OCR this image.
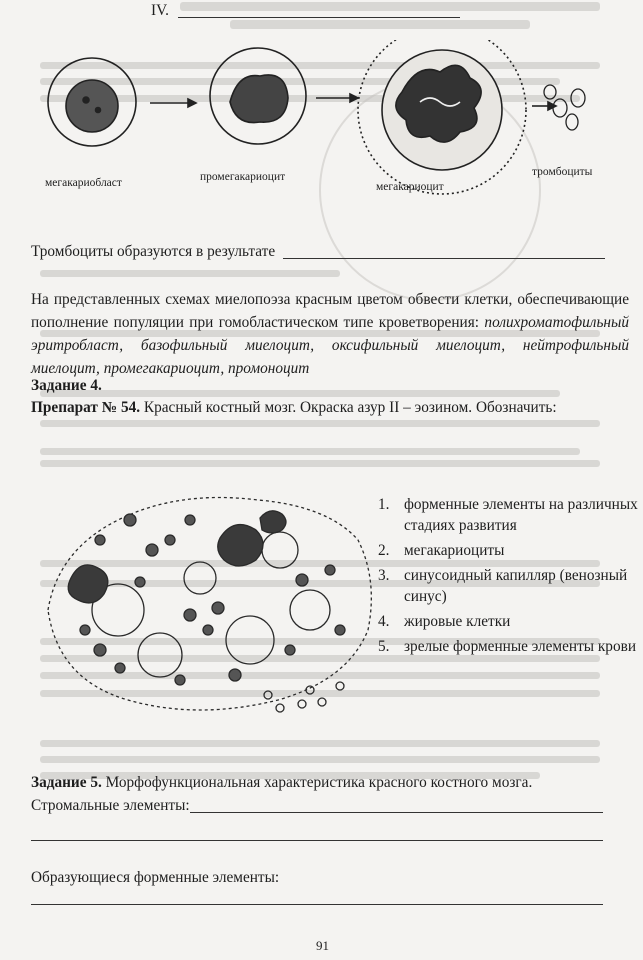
IV.
мегакариобласт	промегакариоцит
мегакариоцит
тромбоциты
Тромбоциты образуются в результате
На представленных схемах миелопоэза красным цветом обвести клетки, обеспечивающие пополнение популяции при гомобластическом типе кроветворения: полихроматофильный эритробласт, базофильный миелоцит, оксифильный миелоцит, нейтрофильный миелоцит, промегакариоцит, промоноцит
Задание 4.
Препарат № 54. Красный костный мозг. Окраска азур II – эозином. Обозначить:
1. форменные элементы на различных стадиях развития
2. мегакариоциты
3. синусоидный капилляр (венозный синус)
4. жировые клетки
5. зрелые форменные элементы крови
Задание 5. Морфофункциональная характеристика красного костного мозга.
Стромальные элементы:
Образующиеся форменные элементы:
91
